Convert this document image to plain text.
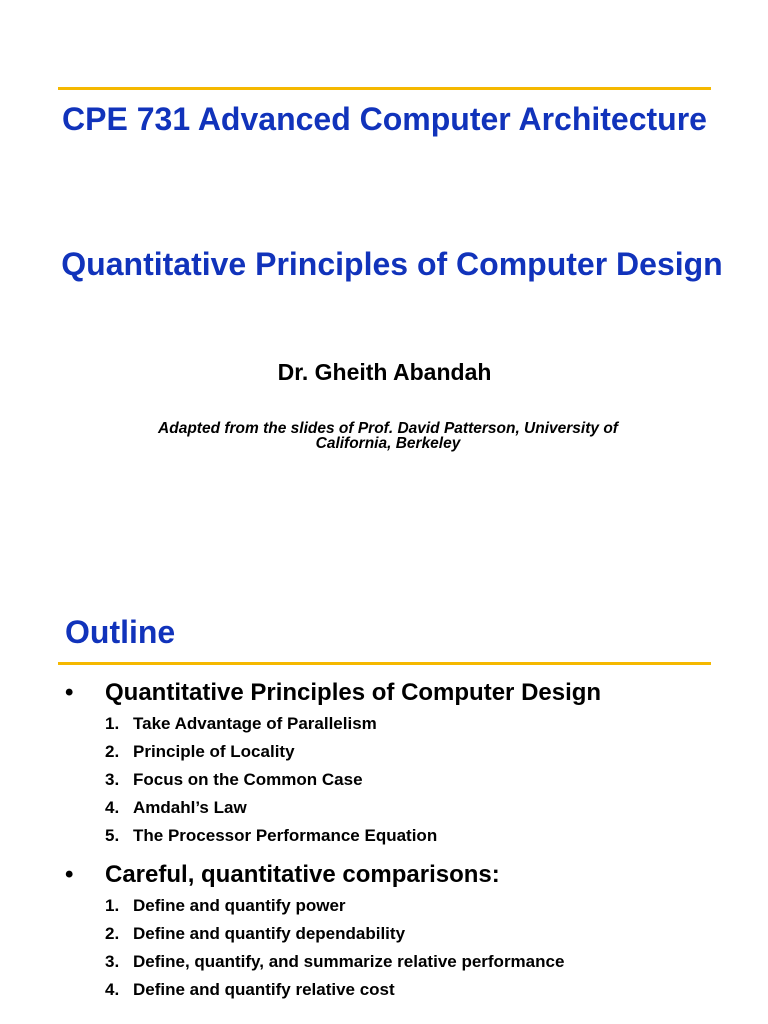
CPE 731 Advanced Computer Architecture
Quantitative Principles of Computer Design
Dr. Gheith Abandah
Adapted from the slides of Prof. David Patterson, University of California, Berkeley
Outline
• Quantitative Principles of Computer Design
1. Take Advantage of Parallelism
2. Principle of Locality
3. Focus on the Common Case
4. Amdahl’s Law
5. The Processor Performance Equation
• Careful, quantitative comparisons:
1. Define and quantify power
2. Define and quantify dependability
3. Define, quantify, and summarize relative performance
4. Define and quantify relative cost
